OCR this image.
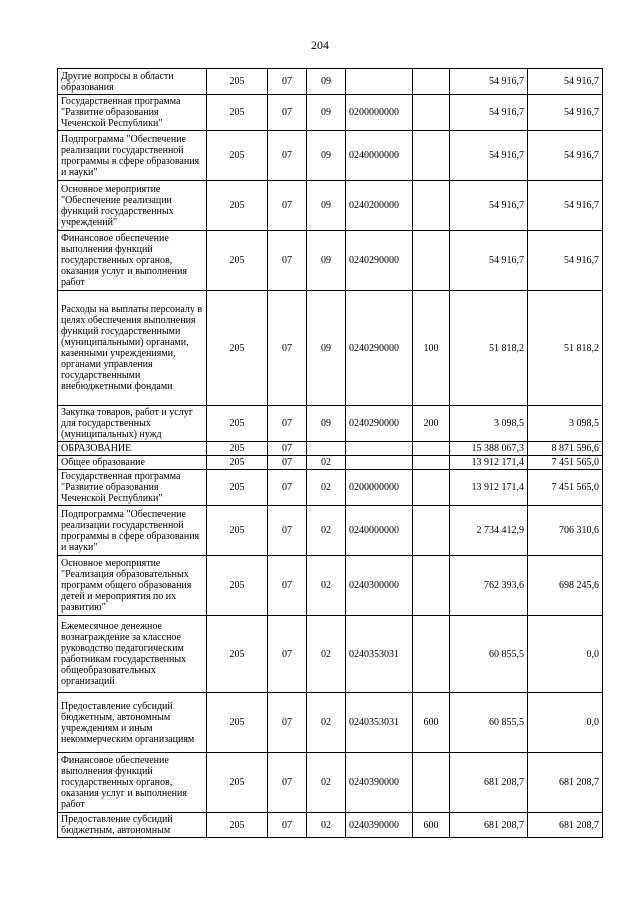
204
Другие вопросы в области образования	205	07	09			54 916,7	54 916,7
Государственная программа "Развитие образования Чеченской Республики"	205	07	09	0200000000		54 916,7	54 916,7
Подпрограмма "Обеспечение реализации государственной программы в сфере образования и науки"	205	07	09	0240000000		54 916,7	54 916,7
Основное мероприятие "Обеспечение реализации функций государственных учреждений"	205	07	09	0240200000		54 916,7	54 916,7
Финансовое обеспечение выполнения функций государственных органов, оказания услуг и выполнения работ	205	07	09	0240290000		54 916,7	54 916,7
Расходы на выплаты персоналу в целях обеспечения выполнения функций государственными (муниципальными) органами, казенными учреждениями, органами управления государственными внебюджетными фондами	205	07	09	0240290000	100	51 818,2	51 818,2
Закупка товаров, работ и услуг для государственных (муниципальных) нужд	205	07	09	0240290000	200	3 098,5	3 098,5
ОБРАЗОВАНИЕ	205	07				15 388 067,3	8 871 596,6
Общее образование	205	07	02			13 912 171,4	7 451 565,0
Государственная программа "Развитие образования Чеченской Республики"	205	07	02	0200000000		13 912 171,4	7 451 565,0
Подпрограмма "Обеспечение реализации государственной программы в сфере образования и науки"	205	07	02	0240000000		2 734 412,9	706 310,6
Основное мероприятие "Реализация образовательных программ общего образования детей и мероприятия по их развитию"	205	07	02	0240300000		762 393,6	698 245,6
Ежемесячное денежное вознаграждение за классное руководство педагогическим работникам государственных общеобразовательных организаций	205	07	02	0240353031		60 855,5	0,0
Предоставление субсидий бюджетным, автономным учреждениям и иным некоммерческим организациям	205	07	02	0240353031	600	60 855,5	0,0
Финансовое обеспечение выполнения функций государственных органов, оказания услуг и выполнения работ	205	07	02	0240390000		681 208,7	681 208,7
Предоставление субсидий бюджетным, автономным	205	07	02	0240390000	600	681 208,7	681 208,7
